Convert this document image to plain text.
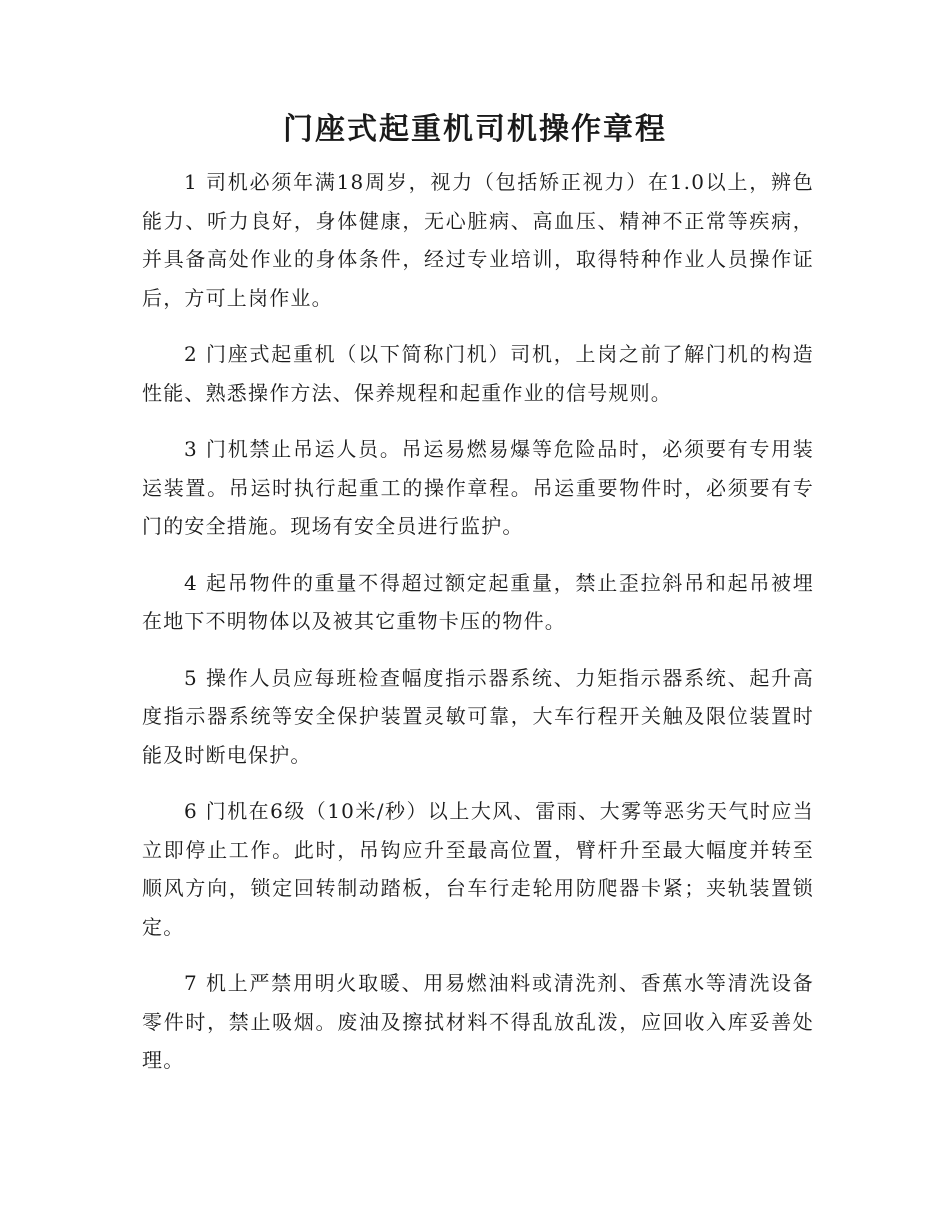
门座式起重机司机操作章程

1 司机必须年满18周岁，视力（包括矫正视力）在1.0以上，辨色能力、听力良好，身体健康，无心脏病、高血压、精神不正常等疾病，并具备高处作业的身体条件，经过专业培训，取得特种作业人员操作证后，方可上岗作业。

2 门座式起重机（以下简称门机）司机，上岗之前了解门机的构造性能、熟悉操作方法、保养规程和起重作业的信号规则。

3 门机禁止吊运人员。吊运易燃易爆等危险品时，必须要有专用装运装置。吊运时执行起重工的操作章程。吊运重要物件时，必须要有专门的安全措施。现场有安全员进行监护。

4 起吊物件的重量不得超过额定起重量，禁止歪拉斜吊和起吊被埋在地下不明物体以及被其它重物卡压的物件。

5 操作人员应每班检查幅度指示器系统、力矩指示器系统、起升高度指示器系统等安全保护装置灵敏可靠，大车行程开关触及限位装置时能及时断电保护。

6 门机在6级（10米/秒）以上大风、雷雨、大雾等恶劣天气时应当立即停止工作。此时，吊钩应升至最高位置，臂杆升至最大幅度并转至顺风方向，锁定回转制动踏板，台车行走轮用防爬器卡紧；夹轨装置锁定。

7 机上严禁用明火取暖、用易燃油料或清洗剂、香蕉水等清洗设备零件时，禁止吸烟。废油及擦拭材料不得乱放乱泼，应回收入库妥善处理。
